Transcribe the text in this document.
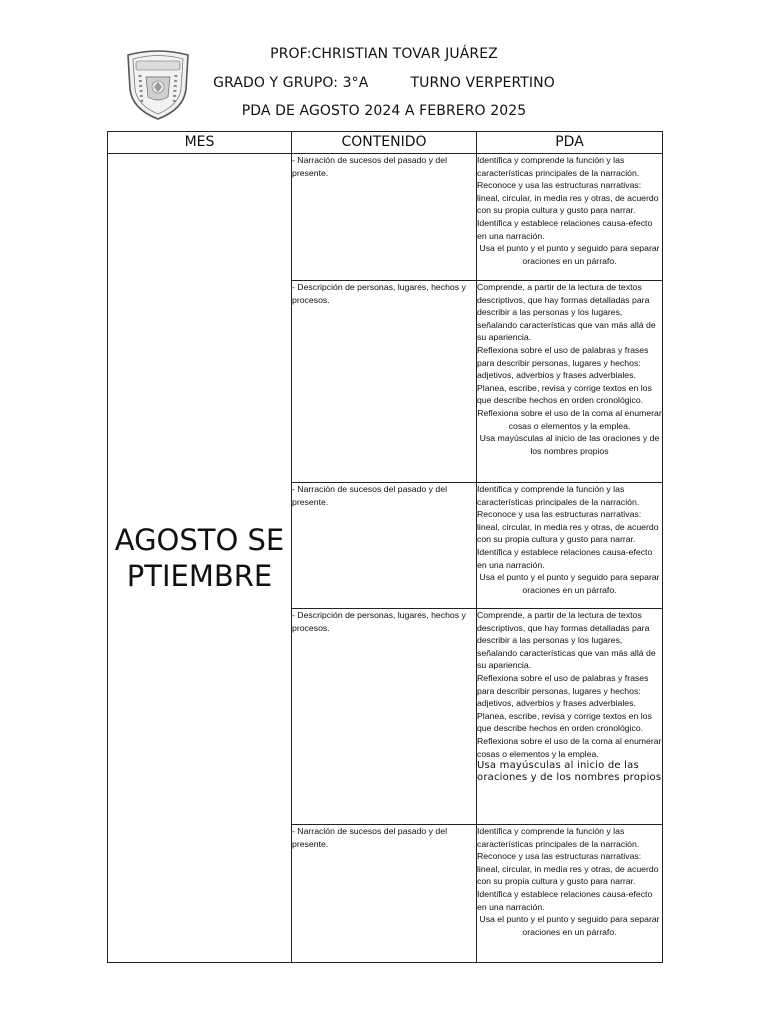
PROF:CHRISTIAN TOVAR JUÁREZ
GRADO Y GRUPO: 3°A	TURNO VERPERTINO
PDA DE AGOSTO 2024 A FEBRERO 2025
MES	CONTENIDO	PDA
AGOSTO SEPTIEMBRE	- Narración de sucesos del pasado y del presente.	Identifica y comprende la función y las características principales de la narración.
Reconoce y usa las estructuras narrativas: lineal, circular, in media res y otras, de acuerdo con su propia cultura y gusto para narrar.
Identifica y establece relaciones causa-efecto en una narración.
Usa el punto y el punto y seguido para separar oraciones en un párrafo.

	- Descripción de personas, lugares, hechos y procesos.	Comprende, a partir de la lectura de textos descriptivos, que hay formas detalladas para describir a las personas y los lugares, señalando características que van más allá de su apariencia.
Reflexiona sobre el uso de palabras y frases para describir personas, lugares y hechos: adjetivos, adverbios y frases adverbiales.
Planea, escribe, revisa y corrige textos en los que describe hechos en orden cronológico.
Reflexiona sobre el uso de la coma al enumerar cosas o elementos y la emplea.
Usa mayúsculas al inicio de las oraciones y de los nombres propios

	- Narración de sucesos del pasado y del presente.	Identifica y comprende la función y las características principales de la narración.
Reconoce y usa las estructuras narrativas: lineal, circular, in media res y otras, de acuerdo con su propia cultura y gusto para narrar.
Identifica y establece relaciones causa-efecto en una narración.
Usa el punto y el punto y seguido para separar oraciones en un párrafo.

	- Descripción de personas, lugares, hechos y procesos.	Comprende, a partir de la lectura de textos descriptivos, que hay formas detalladas para describir a las personas y los lugares, señalando características que van más allá de su apariencia.
Reflexiona sobre el uso de palabras y frases para describir personas, lugares y hechos: adjetivos, adverbios y frases adverbiales.
Planea, escribe, revisa y corrige textos en los que describe hechos en orden cronológico.
Reflexiona sobre el uso de la coma al enumerar cosas o elementos y la emplea.
Usa mayúsculas al inicio de las oraciones y de los nombres propios

	- Narración de sucesos del pasado y del presente.	Identifica y comprende la función y las características principales de la narración.
Reconoce y usa las estructuras narrativas: lineal, circular, in media res y otras, de acuerdo con su propia cultura y gusto para narrar.
Identifica y establece relaciones causa-efecto en una narración.
Usa el punto y el punto y seguido para separar oraciones en un párrafo.
